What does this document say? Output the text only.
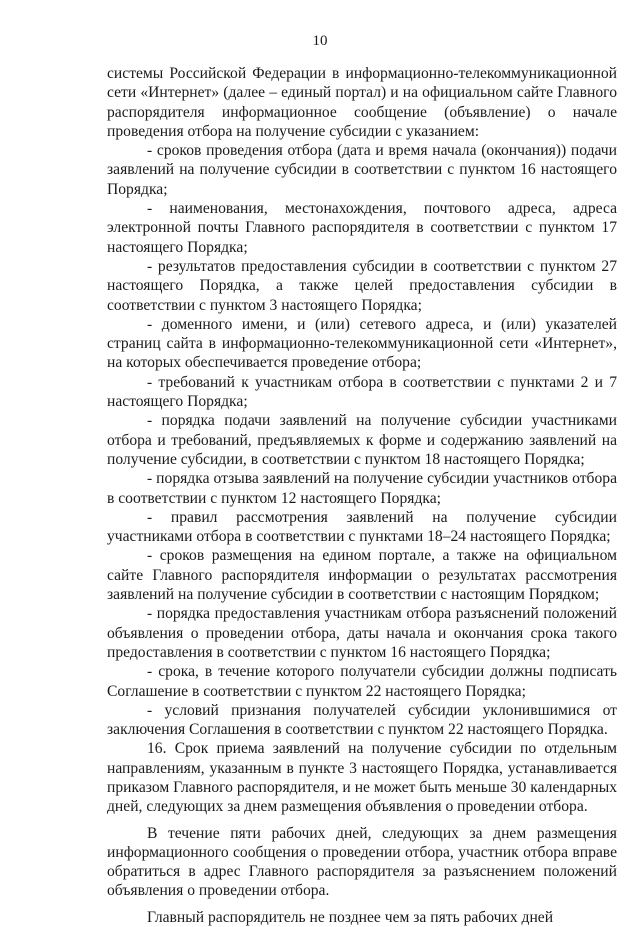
10

системы Российской Федерации в информационно-телекоммуникационной сети «Интернет» (далее – единый портал) и на официальном сайте Главного распорядителя информационное сообщение (объявление) о начале проведения отбора на получение субсидии с указанием:

- сроков проведения отбора (дата и время начала (окончания)) подачи заявлений на получение субсидии в соответствии с пунктом 16 настоящего Порядка;

- наименования, местонахождения, почтового адреса, адреса электронной почты Главного распорядителя в соответствии с пунктом 17 настоящего Порядка;

- результатов предоставления субсидии в соответствии с пунктом 27 настоящего Порядка, а также целей предоставления субсидии в соответствии с пунктом 3 настоящего Порядка;

- доменного имени, и (или) сетевого адреса, и (или) указателей страниц сайта в информационно-телекоммуникационной сети «Интернет», на которых обеспечивается проведение отбора;

- требований к участникам отбора в соответствии с пунктами 2 и 7 настоящего Порядка;

- порядка подачи заявлений на получение субсидии участниками отбора и требований, предъявляемых к форме и содержанию заявлений на получение субсидии, в соответствии с пунктом 18 настоящего Порядка;

- порядка отзыва заявлений на получение субсидии участников отбора в соответствии с пунктом 12 настоящего Порядка;

- правил рассмотрения заявлений на получение субсидии участниками отбора в соответствии с пунктами 18–24 настоящего Порядка;

- сроков размещения на едином портале, а также на официальном сайте Главного распорядителя информации о результатах рассмотрения заявлений на получение субсидии в соответствии с настоящим Порядком;

- порядка предоставления участникам отбора разъяснений положений объявления о проведении отбора, даты начала и окончания срока такого предоставления в соответствии с пунктом 16 настоящего Порядка;

- срока, в течение которого получатели субсидии должны подписать Соглашение в соответствии с пунктом 22 настоящего Порядка;

- условий признания получателей субсидии уклонившимися от заключения Соглашения в соответствии с пунктом 22 настоящего Порядка.

16. Срок приема заявлений на получение субсидии по отдельным направлениям, указанным в пункте 3 настоящего Порядка, устанавливается приказом Главного распорядителя, и не может быть меньше 30 календарных дней, следующих за днем размещения объявления о проведении отбора.

В течение пяти рабочих дней, следующих за днем размещения информационного сообщения о проведении отбора, участник отбора вправе обратиться в адрес Главного распорядителя за разъяснением положений объявления о проведении отбора.

Главный распорядитель не позднее чем за пять рабочих дней
